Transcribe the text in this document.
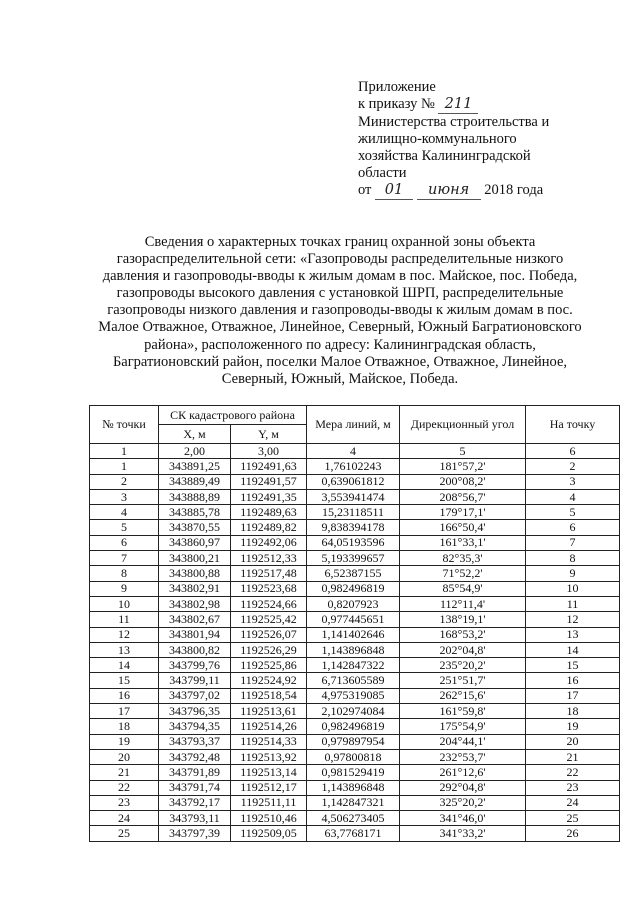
Приложение
к приказу № 211
Министерства строительства и
жилищно-коммунального
хозяйства Калининградской
области
от 01 июня 2018 года
Сведения о характерных точках границ охранной зоны объекта
газораспределительной сети: «Газопроводы распределительные низкого
давления и газопроводы-вводы к жилым домам в пос. Майское, пос. Победа,
газопроводы высокого давления с установкой ШРП, распределительные
газопроводы низкого давления и газопроводы-вводы к жилым домам в пос.
Малое Отважное, Отважное, Линейное, Северный, Южный Багратионовского
района», расположенного по адресу: Калининградская область,
Багратионовский район, поселки Малое Отважное, Отважное, Линейное,
Северный, Южный, Майское, Победа.
№ точки	СК кадастрового района		Мера линий, м	Дирекционный угол	На точку
	X, м	Y, м			
1	2,00	3,00	4	5	6
1	343891,25	1192491,63	1,76102243	181°57,2'	2
2	343889,49	1192491,57	0,639061812	200°08,2'	3
3	343888,89	1192491,35	3,553941474	208°56,7'	4
4	343885,78	1192489,63	15,23118511	179°17,1'	5
5	343870,55	1192489,82	9,838394178	166°50,4'	6
6	343860,97	1192492,06	64,05193596	161°33,1'	7
7	343800,21	1192512,33	5,193399657	82°35,3'	8
8	343800,88	1192517,48	6,52387155	71°52,2'	9
9	343802,91	1192523,68	0,982496819	85°54,9'	10
10	343802,98	1192524,66	0,8207923	112°11,4'	11
11	343802,67	1192525,42	0,977445651	138°19,1'	12
12	343801,94	1192526,07	1,141402646	168°53,2'	13
13	343800,82	1192526,29	1,143896848	202°04,8'	14
14	343799,76	1192525,86	1,142847322	235°20,2'	15
15	343799,11	1192524,92	6,713605589	251°51,7'	16
16	343797,02	1192518,54	4,975319085	262°15,6'	17
17	343796,35	1192513,61	2,102974084	161°59,8'	18
18	343794,35	1192514,26	0,982496819	175°54,9'	19
19	343793,37	1192514,33	0,979897954	204°44,1'	20
20	343792,48	1192513,92	0,97800818	232°53,7'	21
21	343791,89	1192513,14	0,981529419	261°12,6'	22
22	343791,74	1192512,17	1,143896848	292°04,8'	23
23	343792,17	1192511,11	1,142847321	325°20,2'	24
24	343793,11	1192510,46	4,506273405	341°46,0'	25
25	343797,39	1192509,05	63,7768171	341°33,2'	26
